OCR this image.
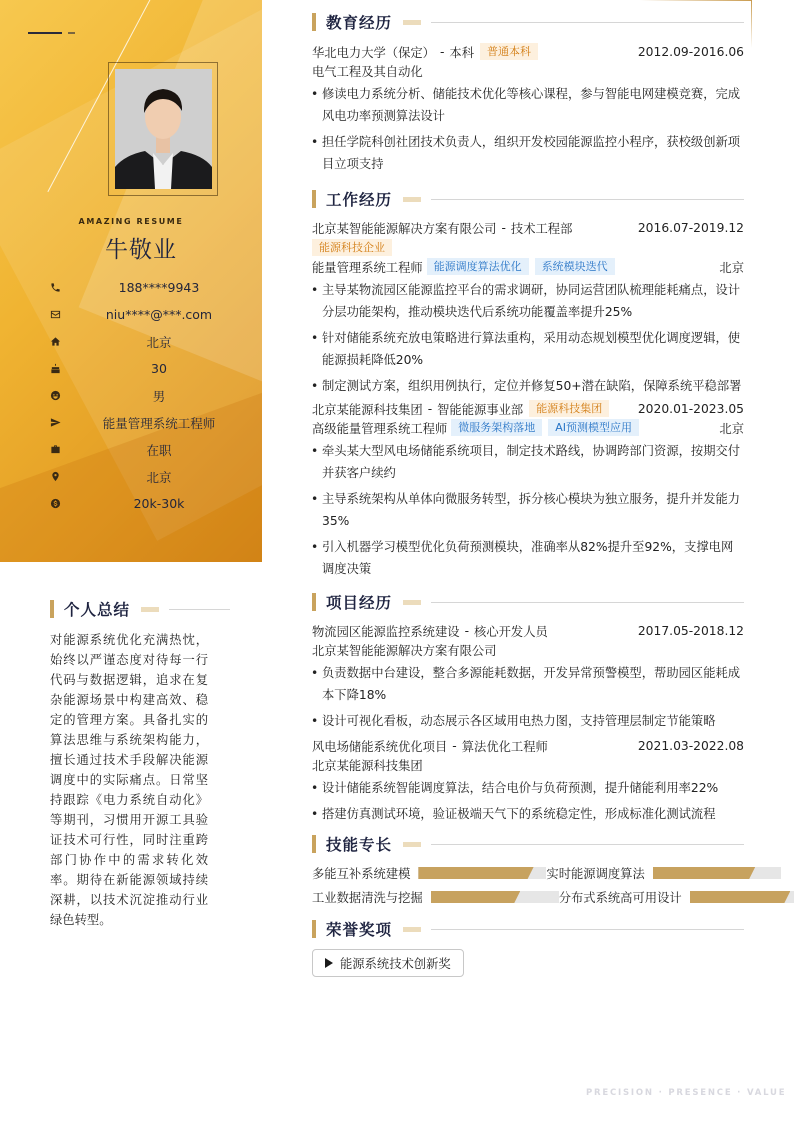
AMAZING RESUME
牛敬业
188****9943
niu****@***.com
北京
30
男
能量管理系统工程师
在职
北京
20k-30k
个人总结
对能源系统优化充满热忱，始终以严谨态度对待每一行代码与数据逻辑，追求在复杂能源场景中构建高效、稳定的管理方案。具备扎实的算法思维与系统架构能力，擅长通过技术手段解决能源调度中的实际痛点。日常坚持跟踪《电力系统自动化》等期刊，习惯用开源工具验证技术可行性，同时注重跨部门协作中的需求转化效率。期待在新能源领域持续深耕，以技术沉淀推动行业绿色转型。
教育经历
华北电力大学（保定） - 本科	普通本科	2012.09-2016.06
电气工程及其自动化
• 修读电力系统分析、储能技术优化等核心课程，参与智能电网建模竞赛，完成风电功率预测算法设计
• 担任学院科创社团技术负责人，组织开发校园能源监控小程序，获校级创新项目立项支持
工作经历
北京某智能能源解决方案有限公司 - 技术工程部	2016.07-2019.12
能源科技企业
能量管理系统工程师	能源调度算法优化	系统模块迭代	北京
• 主导某物流园区能源监控平台的需求调研，协同运营团队梳理能耗痛点，设计分层功能架构，推动模块迭代后系统功能覆盖率提升25%
• 针对储能系统充放电策略进行算法重构，采用动态规划模型优化调度逻辑，使能源损耗降低20%
• 制定测试方案，组织用例执行，定位并修复50+潜在缺陷，保障系统平稳部署
北京某能源科技集团 - 智能能源事业部	能源科技集团	2020.01-2023.05
高级能量管理系统工程师	微服务架构落地	AI预测模型应用	北京
• 牵头某大型风电场储能系统项目，制定技术路线，协调跨部门资源，按期交付并获客户续约
• 主导系统架构从单体向微服务转型，拆分核心模块为独立服务，提升并发能力35%
• 引入机器学习模型优化负荷预测模块，准确率从82%提升至92%，支撑电网调度决策
项目经历
物流园区能源监控系统建设 - 核心开发人员	2017.05-2018.12
北京某智能能源解决方案有限公司
• 负责数据中台建设，整合多源能耗数据，开发异常预警模型，帮助园区能耗成本下降18%
• 设计可视化看板，动态展示各区域用电热力图，支持管理层制定节能策略
风电场储能系统优化项目 - 算法优化工程师	2021.03-2022.08
北京某能源科技集团
• 设计储能系统智能调度算法，结合电价与负荷预测，提升储能利用率22%
• 搭建仿真测试环境，验证极端天气下的系统稳定性，形成标准化测试流程
技能专长
多能互补系统建模	实时能源调度算法
工业数据清洗与挖掘	分布式系统高可用设计
荣誉奖项
能源系统技术创新奖
PRECISION · PRESENCE · VALUE
